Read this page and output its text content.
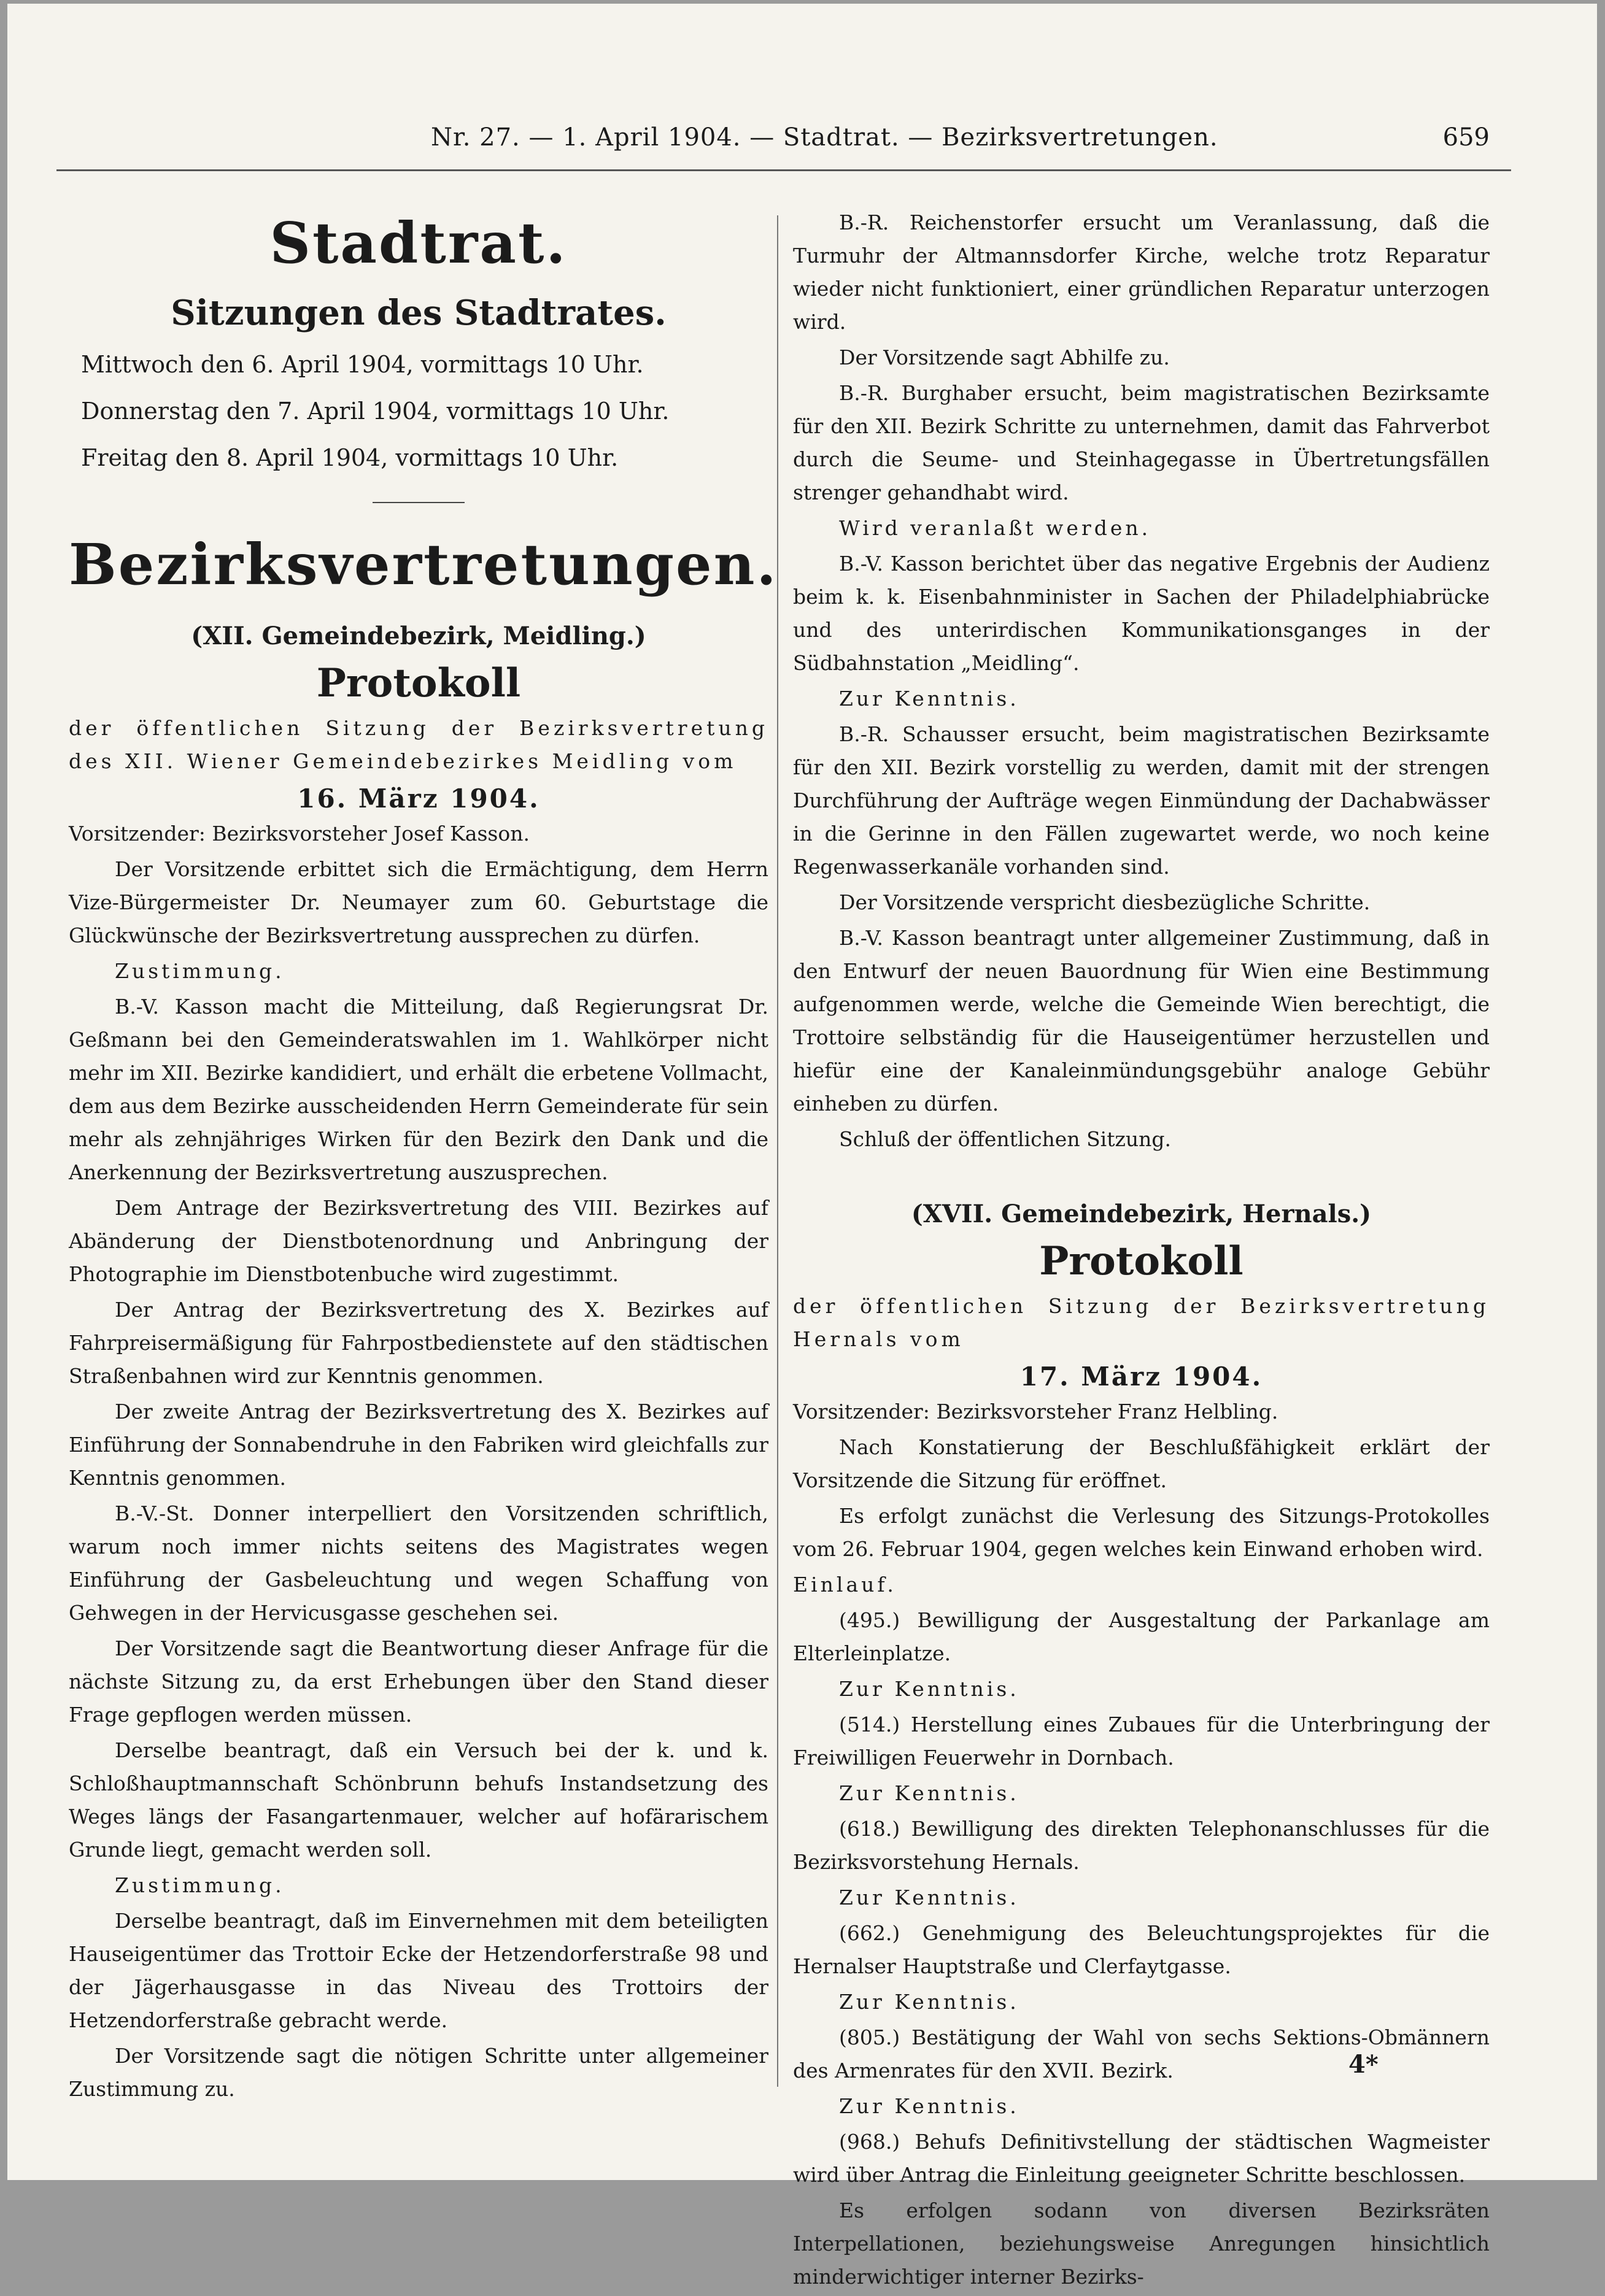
Nr. 27. — 1. April 1904. — Stadtrat. — Bezirksvertretungen.	659
Stadtrat.
Sitzungen des Stadtrates.

Mittwoch den 6. April 1904, vormittags 10 Uhr.

Donnerstag den 7. April 1904, vormittags 10 Uhr.

Freitag den 8. April 1904, vormittags 10 Uhr.

Bezirksvertretungen.
(XII. Gemeindebezirk, Meidling.)
Protokoll

der öffentlichen Sitzung der Bezirksvertretung des XII. Wiener Gemeindebezirkes Meidling vom

16. März 1904.

Vorsitzender: Bezirksvorsteher Josef Kasson.

Der Vorsitzende erbittet sich die Ermächtigung, dem Herrn Vize-Bürgermeister Dr. Neumayer zum 60. Geburtstage die Glückwünsche der Bezirksvertretung aussprechen zu dürfen.

Zustimmung.

B.-V. Kasson macht die Mitteilung, daß Regierungsrat Dr. Geßmann bei den Gemeinderatswahlen im 1. Wahlkörper nicht mehr im XII. Bezirke kandidiert, und erhält die erbetene Vollmacht, dem aus dem Bezirke ausscheidenden Herrn Gemeinderate für sein mehr als zehnjähriges Wirken für den Bezirk den Dank und die Anerkennung der Bezirksvertretung auszusprechen.

Dem Antrage der Bezirksvertretung des VIII. Bezirkes auf Abänderung der Dienstbotenordnung und Anbringung der Photographie im Dienstbotenbuche wird zugestimmt.

Der Antrag der Bezirksvertretung des X. Bezirkes auf Fahrpreisermäßigung für Fahrpostbedienstete auf den städtischen Straßenbahnen wird zur Kenntnis genommen.

Der zweite Antrag der Bezirksvertretung des X. Bezirkes auf Einführung der Sonnabendruhe in den Fabriken wird gleichfalls zur Kenntnis genommen.

B.-V.-St. Donner interpelliert den Vorsitzenden schriftlich, warum noch immer nichts seitens des Magistrates wegen Einführung der Gasbeleuchtung und wegen Schaffung von Gehwegen in der Hervicusgasse geschehen sei.

Der Vorsitzende sagt die Beantwortung dieser Anfrage für die nächste Sitzung zu, da erst Erhebungen über den Stand dieser Frage gepflogen werden müssen.

Derselbe beantragt, daß ein Versuch bei der k. und k. Schloßhauptmannschaft Schönbrunn behufs Instandsetzung des Weges längs der Fasangartenmauer, welcher auf hofärarischem Grunde liegt, gemacht werden soll.

Zustimmung.

Derselbe beantragt, daß im Einvernehmen mit dem beteiligten Hauseigentümer das Trottoir Ecke der Hetzendorferstraße 98 und der Jägerhausgasse in das Niveau des Trottoirs der Hetzendorferstraße gebracht werde.

Der Vorsitzende sagt die nötigen Schritte unter allgemeiner Zustimmung zu.

B.-R. Reichenstorfer ersucht um Veranlassung, daß die Turmuhr der Altmannsdorfer Kirche, welche trotz Reparatur wieder nicht funktioniert, einer gründlichen Reparatur unterzogen wird.

Der Vorsitzende sagt Abhilfe zu.

B.-R. Burghaber ersucht, beim magistratischen Bezirksamte für den XII. Bezirk Schritte zu unternehmen, damit das Fahrverbot durch die Seume- und Steinhagegasse in Übertretungsfällen strenger gehandhabt wird.

Wird veranlaßt werden.

B.-V. Kasson berichtet über das negative Ergebnis der Audienz beim k. k. Eisenbahnminister in Sachen der Philadelphiabrücke und des unterirdischen Kommunikationsganges in der Südbahnstation „Meidling“.

Zur Kenntnis.

B.-R. Schausser ersucht, beim magistratischen Bezirksamte für den XII. Bezirk vorstellig zu werden, damit mit der strengen Durchführung der Aufträge wegen Einmündung der Dachabwässer in die Gerinne in den Fällen zugewartet werde, wo noch keine Regenwasserkanäle vorhanden sind.

Der Vorsitzende verspricht diesbezügliche Schritte.

B.-V. Kasson beantragt unter allgemeiner Zustimmung, daß in den Entwurf der neuen Bauordnung für Wien eine Bestimmung aufgenommen werde, welche die Gemeinde Wien berechtigt, die Trottoire selbständig für die Hauseigentümer herzustellen und hiefür eine der Kanaleinmündungsgebühr analoge Gebühr einheben zu dürfen.

Schluß der öffentlichen Sitzung.

(XVII. Gemeindebezirk, Hernals.)
Protokoll

der öffentlichen Sitzung der Bezirksvertretung Hernals vom

17. März 1904.

Vorsitzender: Bezirksvorsteher Franz Helbling.

Nach Konstatierung der Beschlußfähigkeit erklärt der Vorsitzende die Sitzung für eröffnet.

Es erfolgt zunächst die Verlesung des Sitzungs-Protokolles vom 26. Februar 1904, gegen welches kein Einwand erhoben wird.

Einlauf.

(495.) Bewilligung der Ausgestaltung der Parkanlage am Elterleinplatze.

Zur Kenntnis.

(514.) Herstellung eines Zubaues für die Unterbringung der Freiwilligen Feuerwehr in Dornbach.

Zur Kenntnis.

(618.) Bewilligung des direkten Telephonanschlusses für die Bezirksvorstehung Hernals.

Zur Kenntnis.

(662.) Genehmigung des Beleuchtungsprojektes für die Hernalser Hauptstraße und Clerfaytgasse.

Zur Kenntnis.

(805.) Bestätigung der Wahl von sechs Sektions-Obmännern des Armenrates für den XVII. Bezirk.

Zur Kenntnis.

(968.) Behufs Definitivstellung der städtischen Wagmeister wird über Antrag die Einleitung geeigneter Schritte beschlossen.

Es erfolgen sodann von diversen Bezirksräten Interpellationen, beziehungsweise Anregungen hinsichtlich minderwichtiger interner Bezirks-

4*
